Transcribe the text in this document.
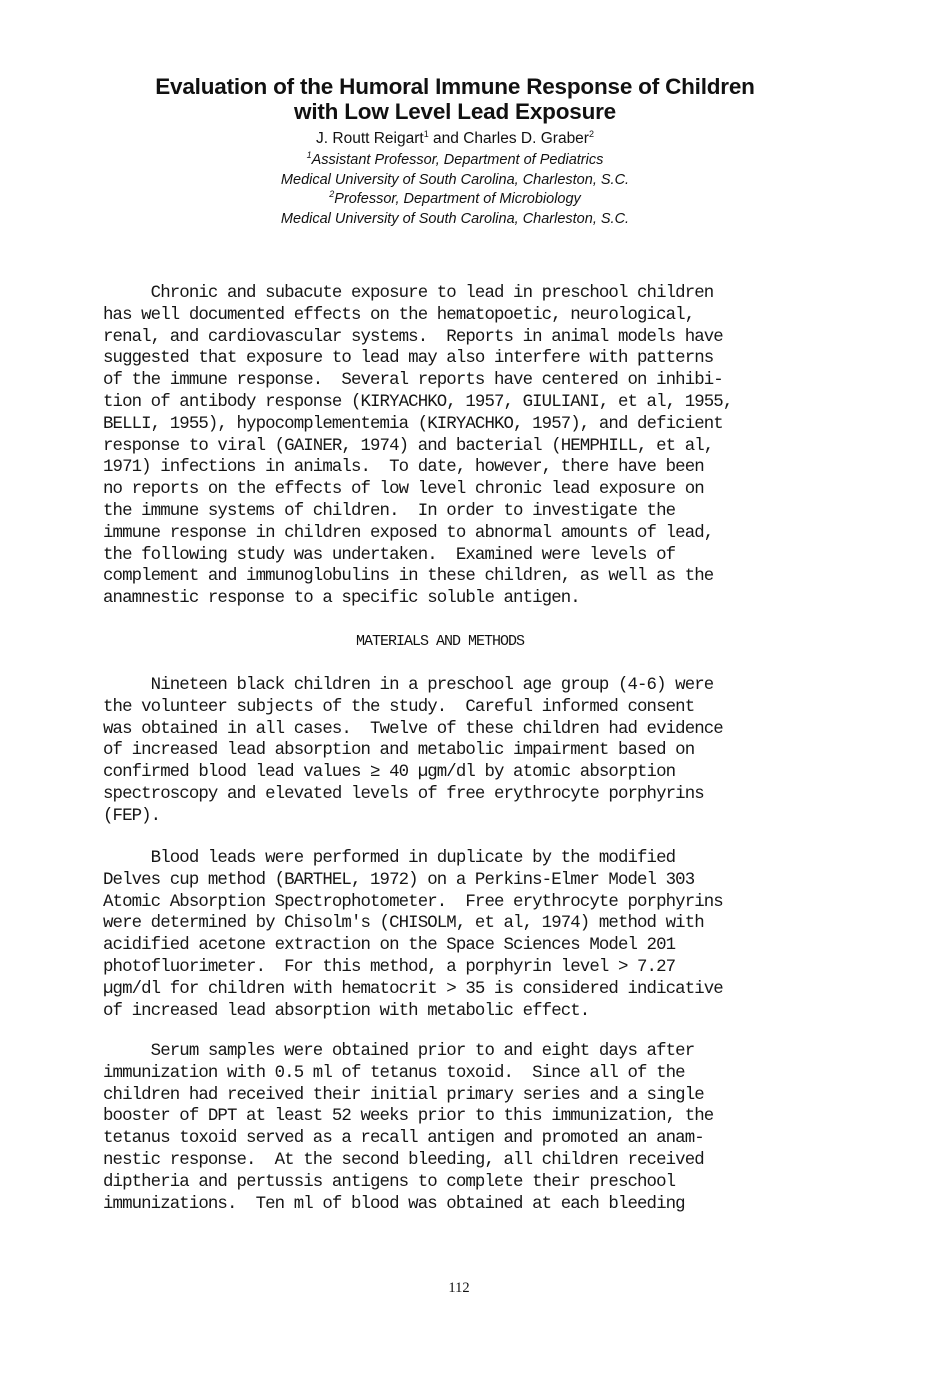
Evaluation of the Humoral Immune Response of Children
with Low Level Lead Exposure
J. Routt Reigart$^1$ and Charles D. Graber$^2$
$^1$Assistant Professor, Department of Pediatrics
Medical University of South Carolina, Charleston, S.C.
$^2$Professor, Department of Microbiology
Medical University of South Carolina, Charleston, S.C.
Chronic and subacute exposure to lead in preschool children
has well documented effects on the hematopoetic, neurological,
renal, and cardiovascular systems.  Reports in animal models have
suggested that exposure to lead may also interfere with patterns
of the immune response.  Several reports have centered on inhibi-
tion of antibody response (KIRYACHKO, 1957, GIULIANI, et al, 1955,
BELLI, 1955), hypocomplementemia (KIRYACHKO, 1957), and deficient
response to viral (GAINER, 1974) and bacterial (HEMPHILL, et al,
1971) infections in animals.  To date, however, there have been
no reports on the effects of low level chronic lead exposure on
the immune systems of children.  In order to investigate the
immune response in children exposed to abnormal amounts of lead,
the following study was undertaken.  Examined were levels of
complement and immunoglobulins in these children, as well as the
anamnestic response to a specific soluble antigen.
MATERIALS AND METHODS
Nineteen black children in a preschool age group (4-6) were
the volunteer subjects of the study.  Careful informed consent
was obtained in all cases.  Twelve of these children had evidence
of increased lead absorption and metabolic impairment based on
confirmed blood lead values ≥ 40 µgm/dl by atomic absorption
spectroscopy and elevated levels of free erythrocyte porphyrins
(FEP).
Blood leads were performed in duplicate by the modified
Delves cup method (BARTHEL, 1972) on a Perkins-Elmer Model 303
Atomic Absorption Spectrophotometer.  Free erythrocyte porphyrins
were determined by Chisolm's (CHISOLM, et al, 1974) method with
acidified acetone extraction on the Space Sciences Model 201
photofluorimeter.  For this method, a porphyrin level > 7.27
µgm/dl for children with hematocrit > 35 is considered indicative
of increased lead absorption with metabolic effect.
Serum samples were obtained prior to and eight days after
immunization with 0.5 ml of tetanus toxoid.  Since all of the
children had received their initial primary series and a single
booster of DPT at least 52 weeks prior to this immunization, the
tetanus toxoid served as a recall antigen and promoted an anam-
nestic response.  At the second bleeding, all children received
diptheria and pertussis antigens to complete their preschool
immunizations.  Ten ml of blood was obtained at each bleeding
112
